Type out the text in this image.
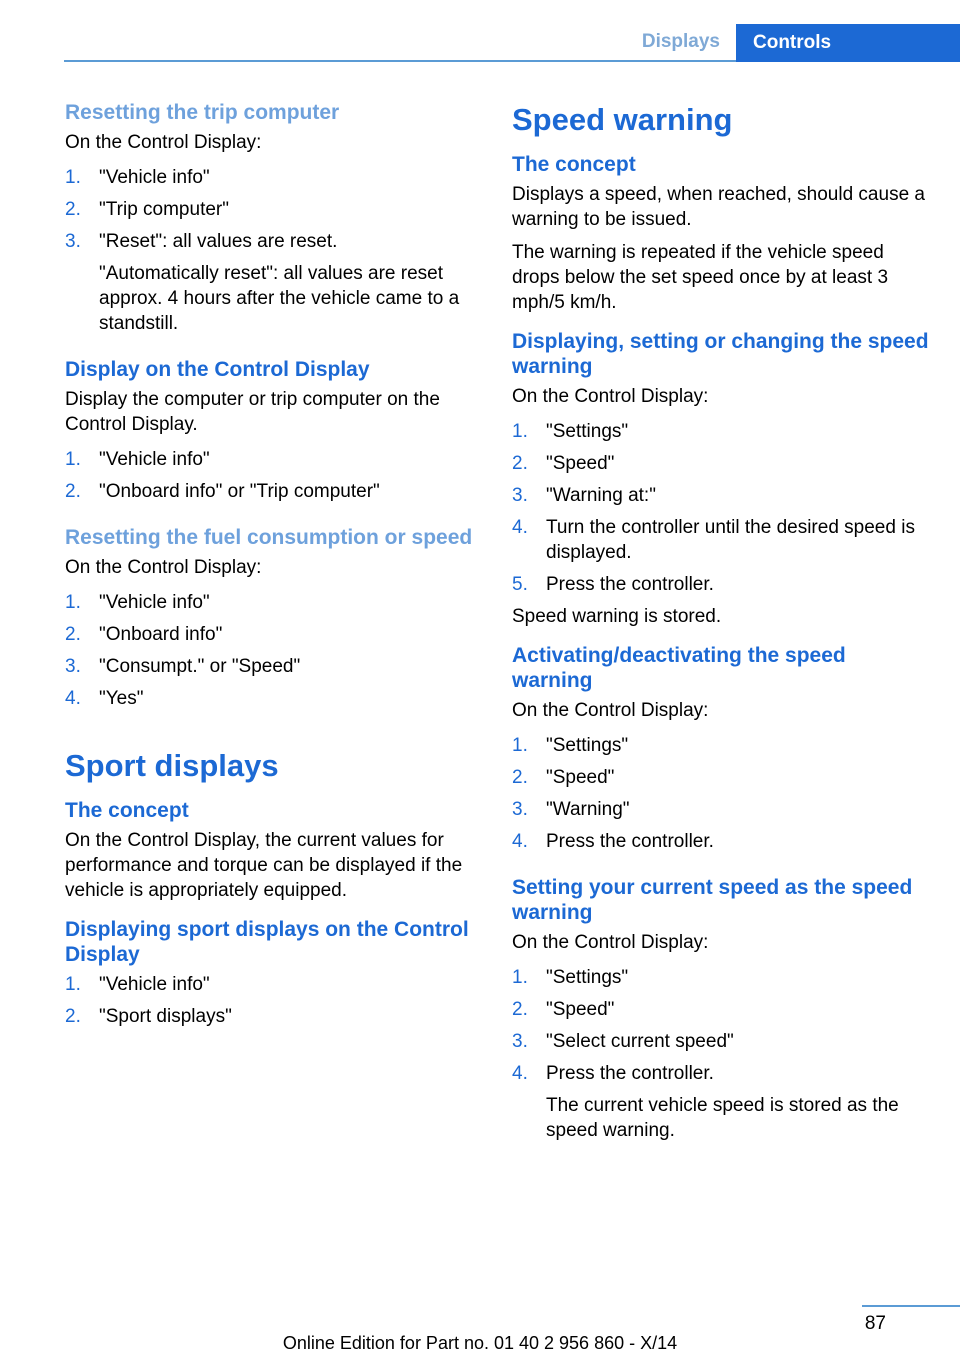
Displays	Controls
Resetting the trip computer

On the Control Display:

1. "Vehicle info"
2. "Trip computer"
3. "Reset": all values are reset.
"Automatically reset": all values are reset approx. 4 hours after the vehicle came to a standstill.
Display on the Control Display

Display the computer or trip computer on the Control Display.

1. "Vehicle info"
2. "Onboard info" or "Trip computer"
Resetting the fuel consumption or speed

On the Control Display:

1. "Vehicle info"
2. "Onboard info"
3. "Consumpt." or "Speed"
4. "Yes"
Sport displays
The concept

On the Control Display, the current values for performance and torque can be displayed if the vehicle is appropriately equipped.

Displaying sport displays on the Control Display
1. "Vehicle info"
2. "Sport displays"
Speed warning
The concept

Displays a speed, when reached, should cause a warning to be issued.

The warning is repeated if the vehicle speed drops below the set speed once by at least 3 mph/5 km/h.

Displaying, setting or changing the speed warning

On the Control Display:

1. "Settings"
2. "Speed"
3. "Warning at:"
4. Turn the controller until the desired speed is displayed.
5. Press the controller.

Speed warning is stored.

Activating/deactivating the speed warning

On the Control Display:

1. "Settings"
2. "Speed"
3. "Warning"
4. Press the controller.
Setting your current speed as the speed warning

On the Control Display:

1. "Settings"
2. "Speed"
3. "Select current speed"
4. Press the controller.
The current vehicle speed is stored as the speed warning.
87
Online Edition for Part no. 01 40 2 956 860 - X/14
